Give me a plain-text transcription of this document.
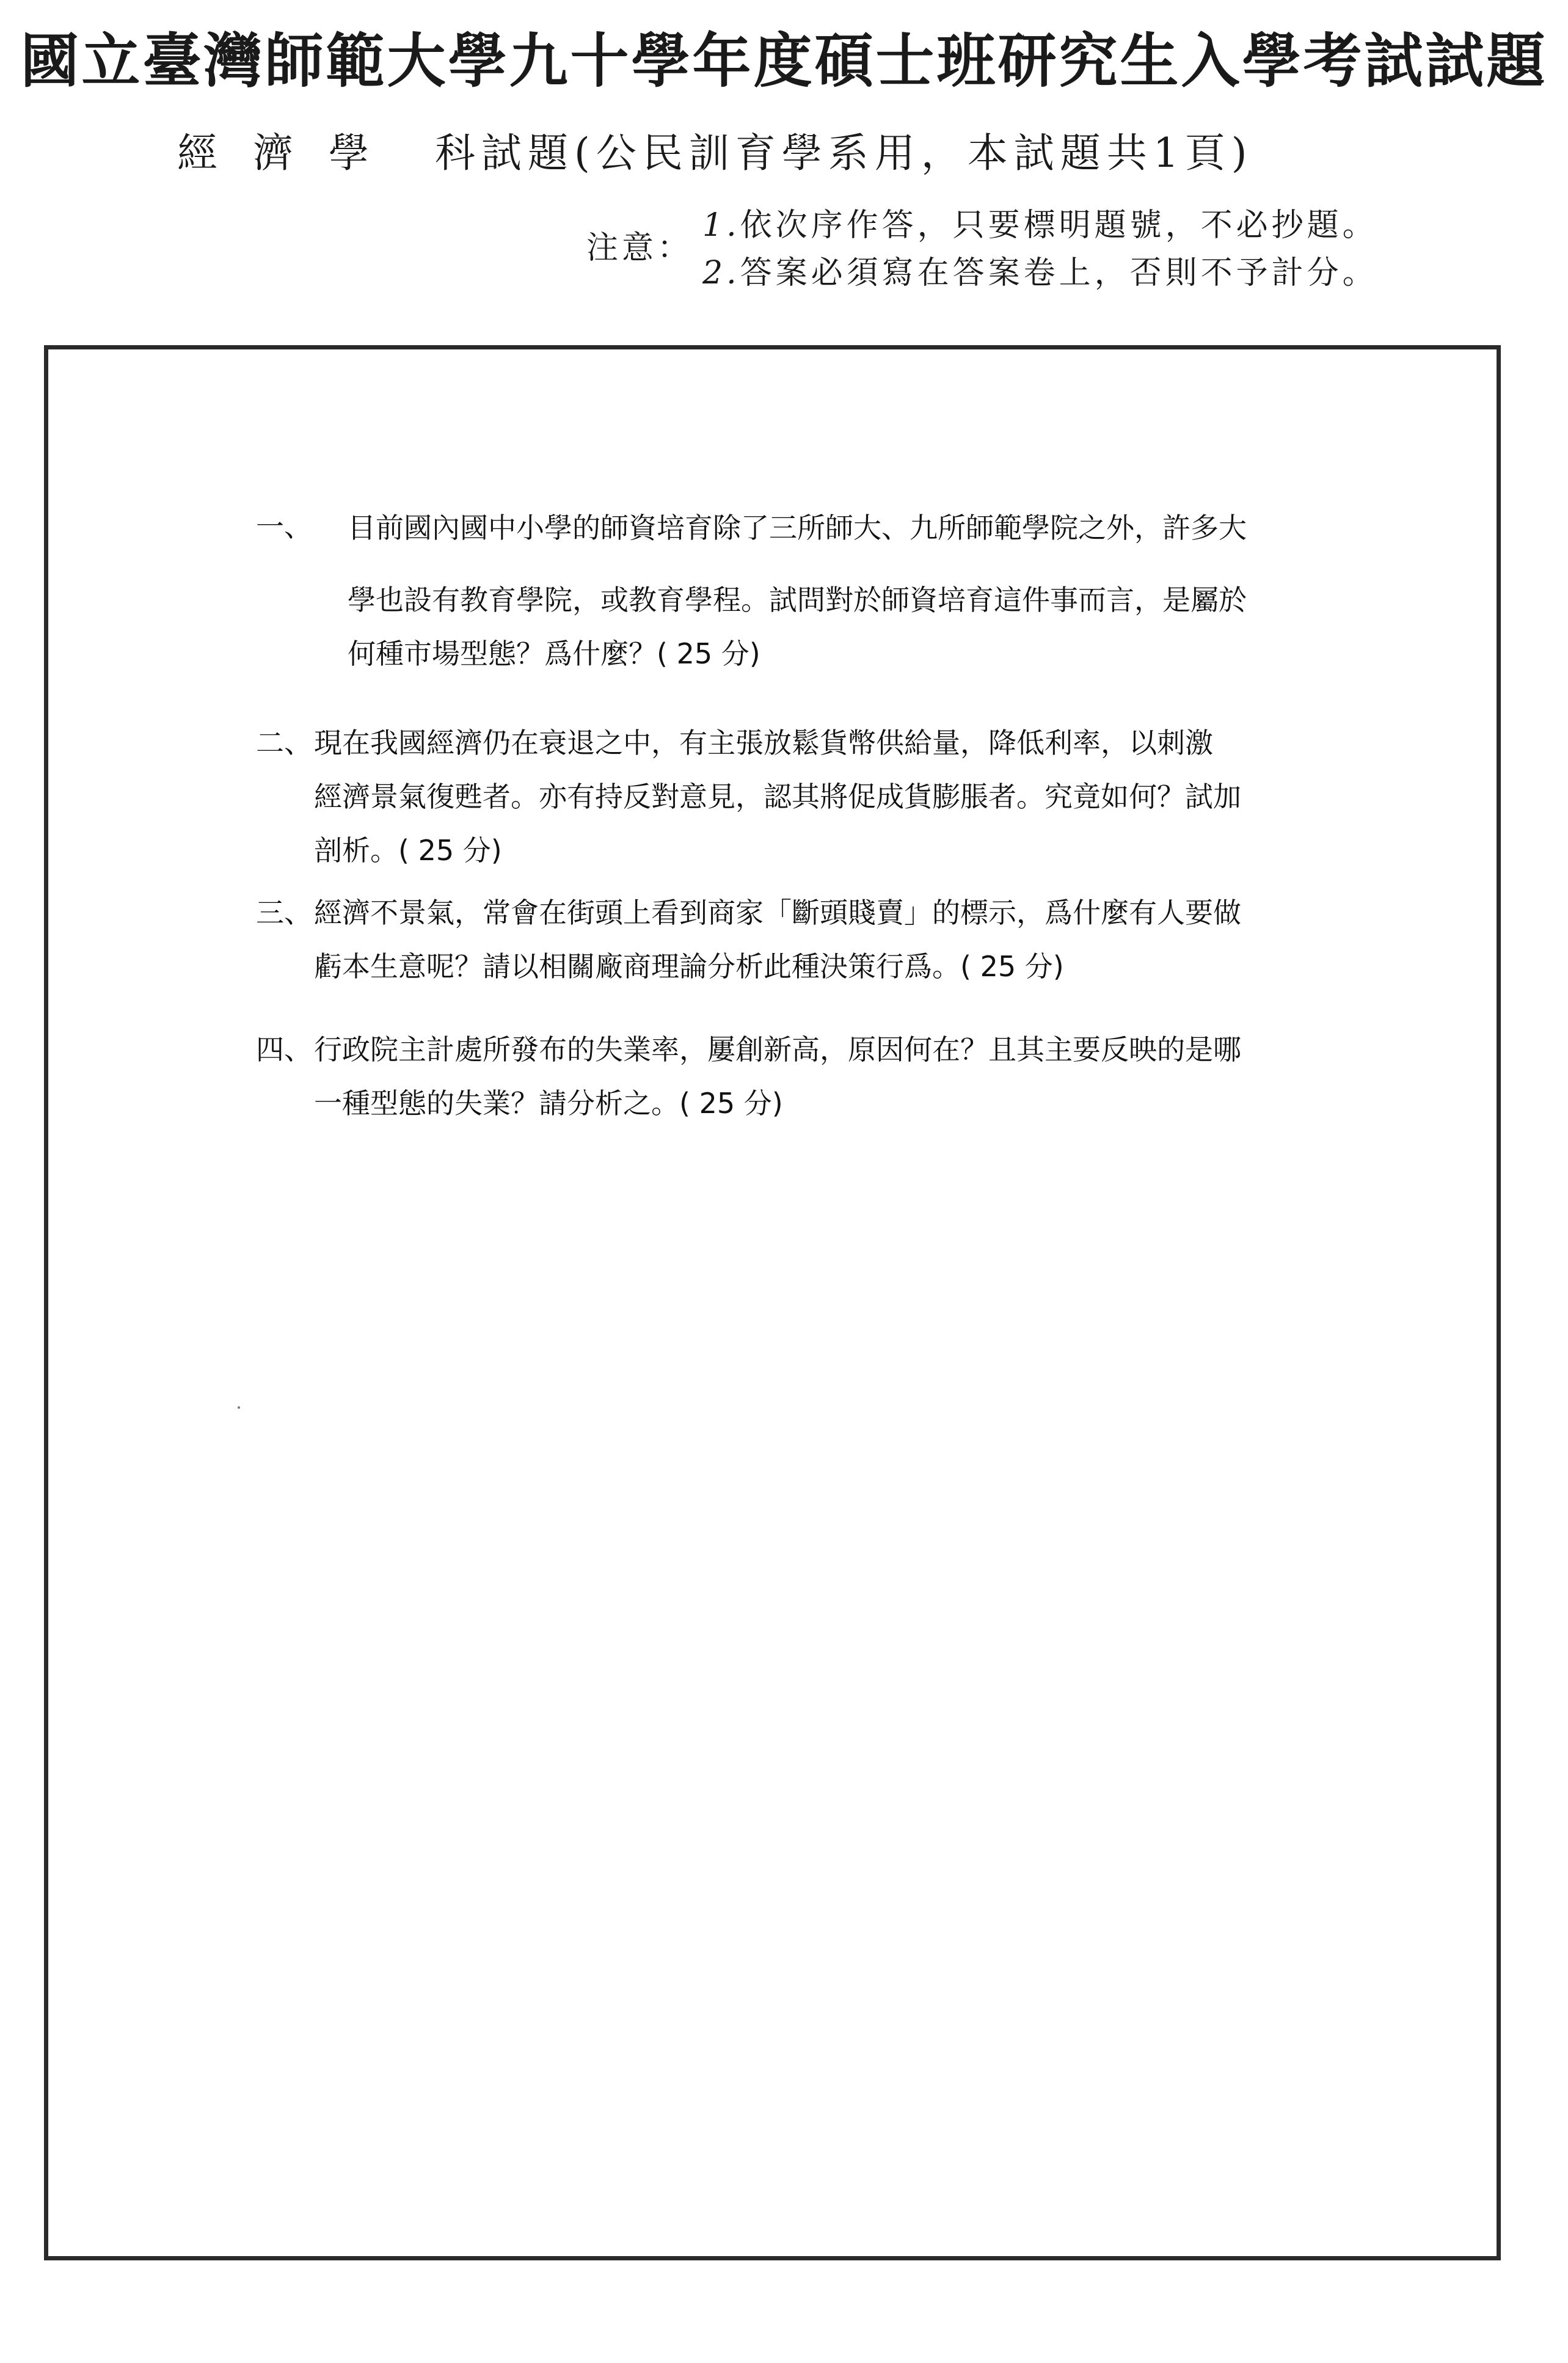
國立臺灣師範大學九十學年度碩士班研究生入學考試試題
經濟學 科試題(公民訓育學系用，本試題共1頁)
注意：
1.依次序作答，只要標明題號，不必抄題。
2.答案必須寫在答案卷上，否則不予計分。
一、 目前國內國中小學的師資培育除了三所師大、九所師範學院之外，許多大
學也設有教育學院，或教育學程。試問對於師資培育這件事而言，是屬於
何種市場型態？爲什麼？( 25 分)
二、 現在我國經濟仍在衰退之中，有主張放鬆貨幣供給量，降低利率，以刺激
經濟景氣復甦者。亦有持反對意見，認其將促成貨膨脹者。究竟如何？試加
剖析。( 25 分)
三、 經濟不景氣，常會在街頭上看到商家「斷頭賤賣」的標示，爲什麼有人要做
虧本生意呢？請以相關廠商理論分析此種決策行爲。( 25 分)
四、 行政院主計處所發布的失業率，屢創新高，原因何在？且其主要反映的是哪
一種型態的失業？請分析之。( 25 分)
